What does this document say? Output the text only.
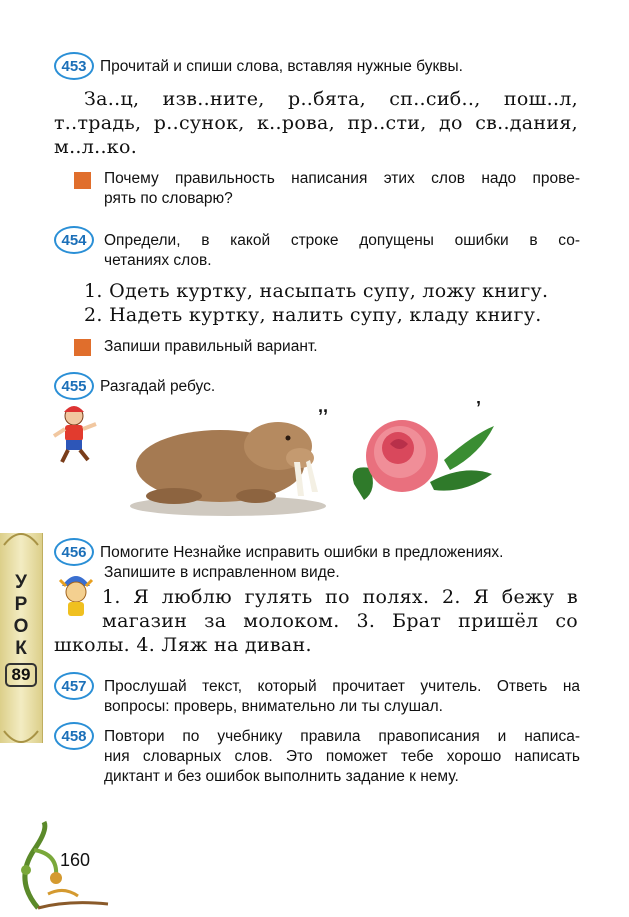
453 Прочитай и спиши слова, вставляя нужные буквы.
За..ц, изв..ните, р..бята, сп..сиб.., пош..л,
т..традь, р..сунок, к..рова, пр..сти, до св..дания,
м..л..ко.
Почему правильность написания этих слов надо прове-
рять по словарю?
454	Определи, в какой строке допущены ошибки в со-
четаниях слов.
1. Одеть куртку, насыпать супу, ложу книгу.
2. Надеть куртку, налить супу, кладу книгу.
Запиши правильный вариант.
455 Разгадай ребус.
,,	’
У
Р
О
К
89
456 Помогите Незнайке исправить ошибки в предложениях.
Запишите в исправленном виде.
1. Я люблю гулять по полях. 2. Я бежу в
магазин за молоком. 3. Брат пришёл со
школы. 4. Ляж на диван.
457	Прослушай текст, который прочитает учитель. Ответь на
вопросы: проверь, внимательно ли ты слушал.
458	Повтори по учебнику правила правописания и написа-
ния словарных слов. Это поможет тебе хорошо написать
диктант и без ошибок выполнить задание к нему.
160
